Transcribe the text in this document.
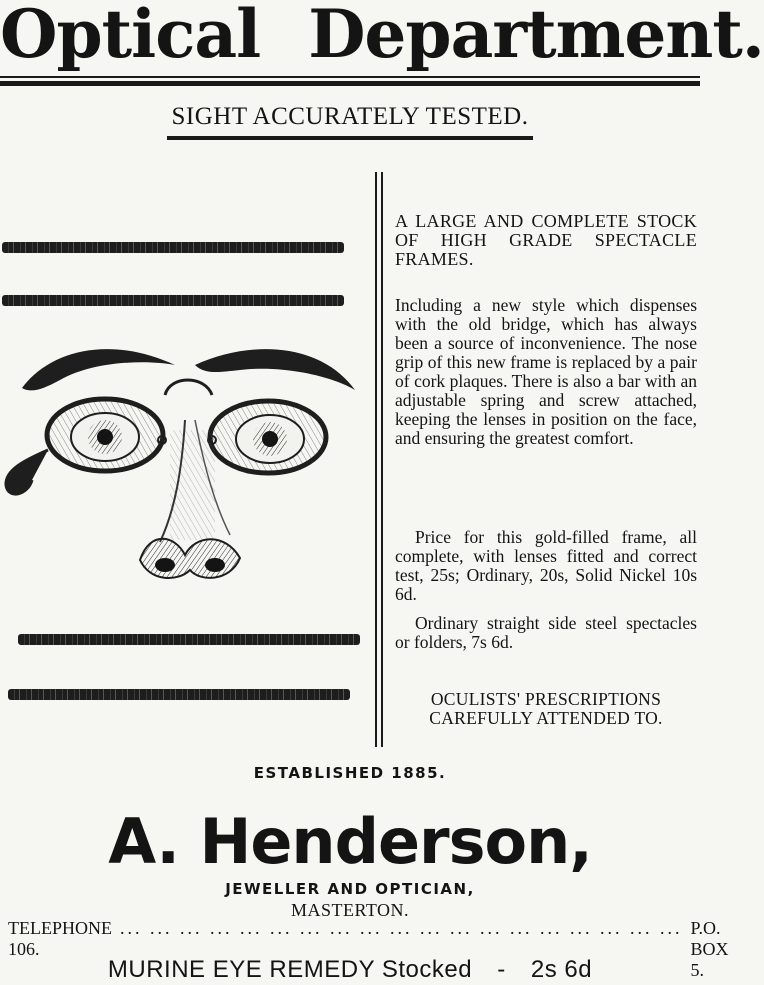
Optical Department.
SIGHT ACCURATELY TESTED.
A LARGE AND COMPLETE STOCK OF HIGH GRADE SPECTACLE FRAMES.
Including a new style which dispenses with the old bridge, which has always been a source of inconvenience. The nose grip of this new frame is replaced by a pair of cork plaques. There is also a bar with an adjustable spring and screw attached, keeping the lenses in position on the face, and ensuring the greatest comfort.
Price for this gold-filled frame, all complete, with lenses fitted and correct test, 25s; Ordinary, 20s, Solid Nickel 10s 6d.
Ordinary straight side steel spectacles or folders, 7s 6d.
OCULISTS' PRESCRIPTIONS CAREFULLY ATTENDED TO.
ESTABLISHED 1885.
A. Henderson,
JEWELLER AND OPTICIAN,
MASTERTON.
TELEPHONE 106.
... ... ... ... ... ... ... ... ... ... ... ... ... ... ... ... ... ... ... P.O. BOX 5.
MURINE EYE REMEDY Stocked - 2s 6d
